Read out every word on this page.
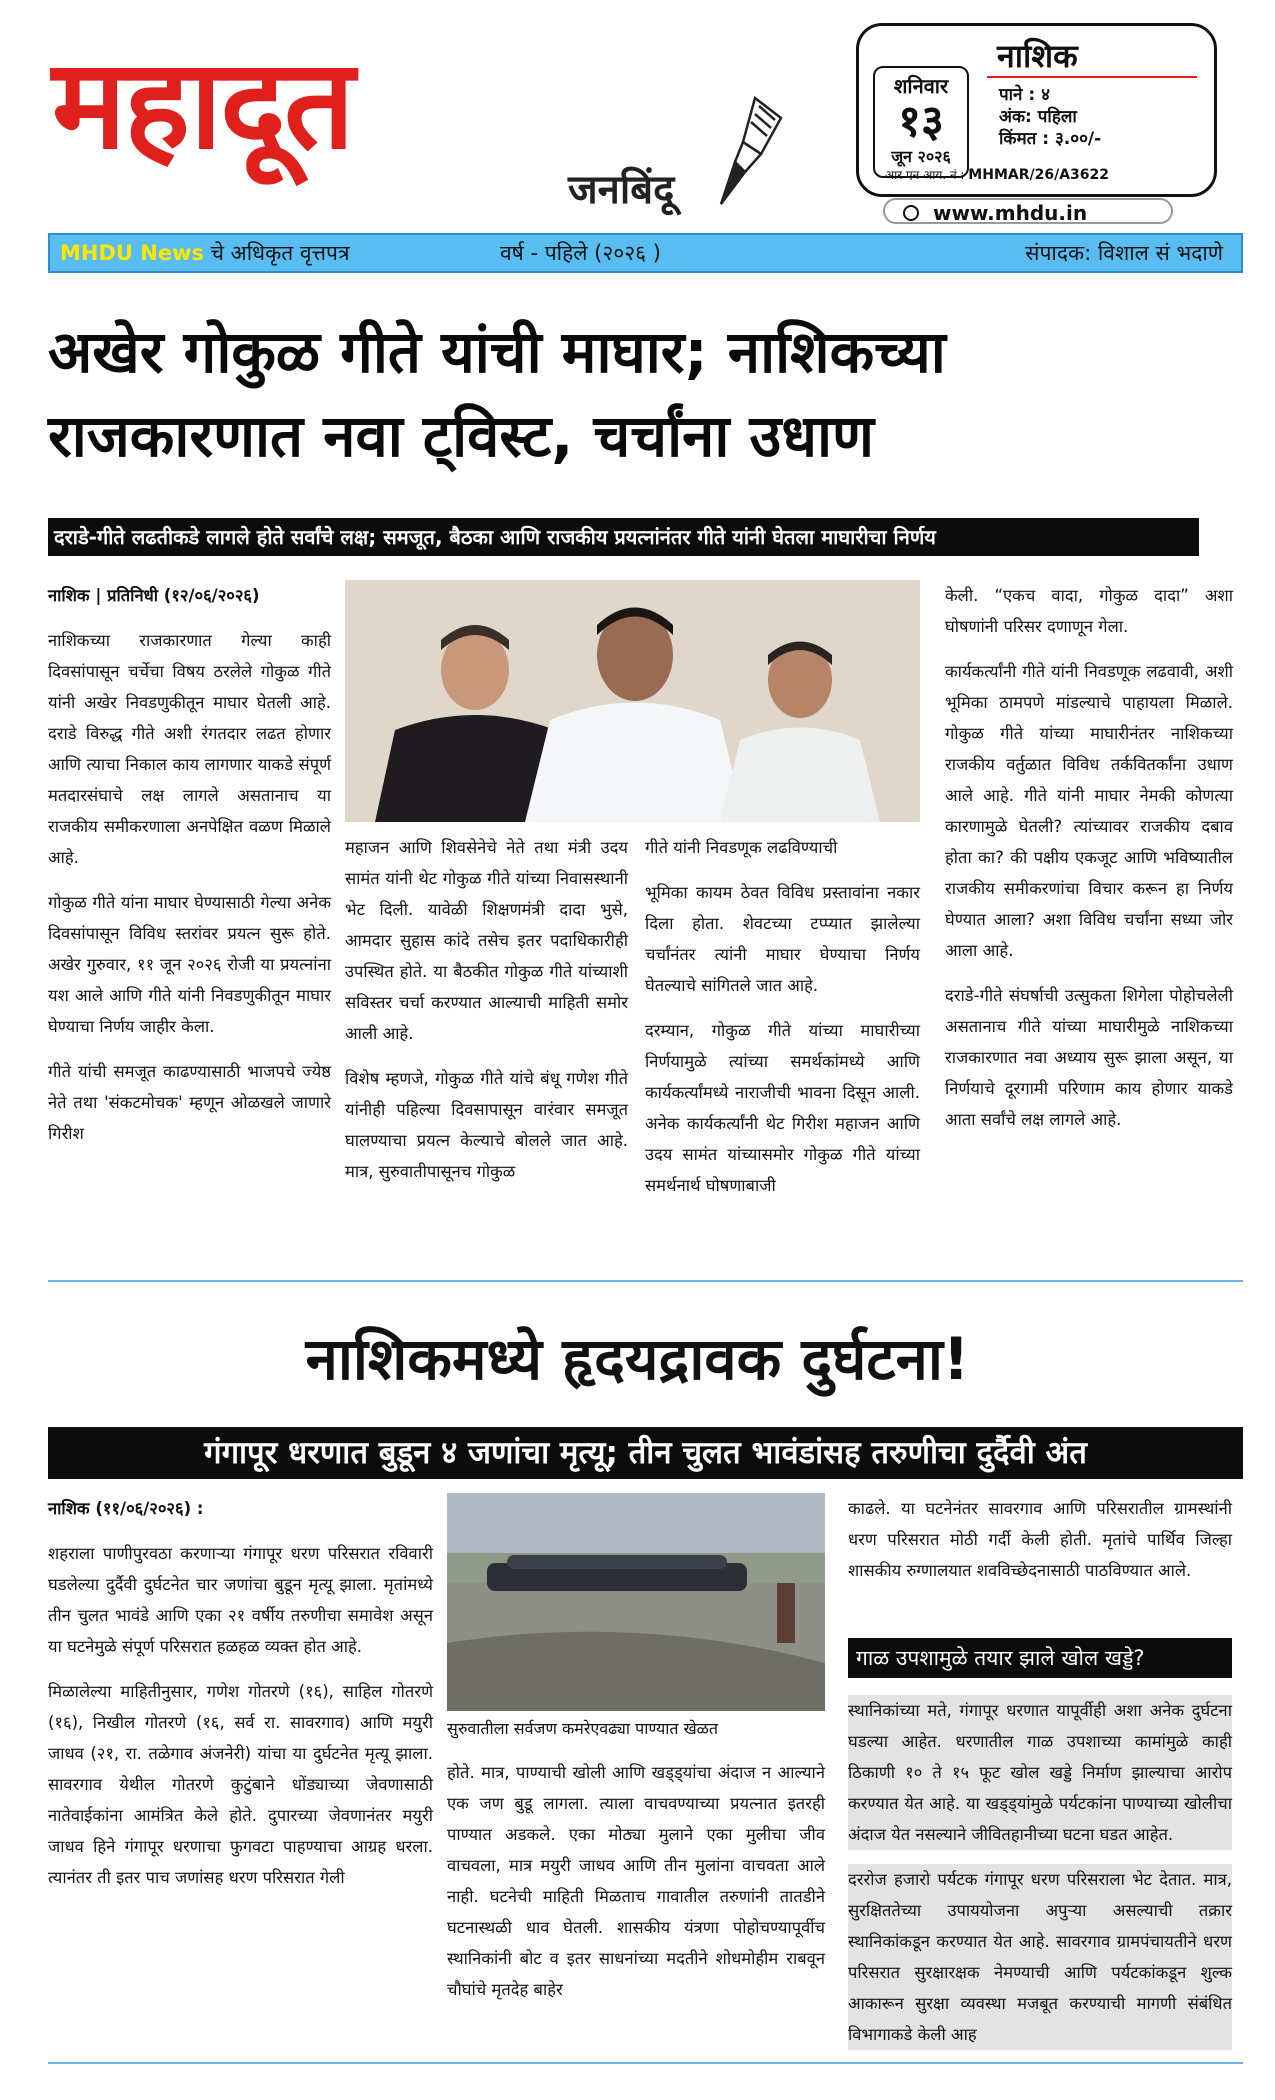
महादूत
जनबिंदू
शनिवार
१३
जून २०२६
नाशिक
पाने : ४
अंक: पहिला
किंमत : ३.००/-
आर एन आय. नं : MHMAR/26/A3622
www.mhdu.in
MHDU News चे अधिकृत वृत्तपत्र	वर्ष - पहिले (२०२६ )	संपादक: विशाल सं भदाणे
अखेर गोकुळ गीते यांची माघार; नाशिकच्या
राजकारणात नवा ट्विस्ट, चर्चांना उधाण
दराडे-गीते लढतीकडे लागले होते सर्वांचे लक्ष; समजूत, बैठका आणि राजकीय प्रयत्नांनंतर गीते यांनी घेतला माघारीचा निर्णय

नाशिक | प्रतिनिधी (१२/०६/२०२६)

नाशिकच्या राजकारणात गेल्या काही दिवसांपासून चर्चेचा विषय ठरलेले गोकुळ गीते यांनी अखेर निवडणुकीतून माघार घेतली आहे. दराडे विरुद्ध गीते अशी रंगतदार लढत होणार आणि त्याचा निकाल काय लागणार याकडे संपूर्ण मतदारसंघाचे लक्ष लागले असतानाच या राजकीय समीकरणाला अनपेक्षित वळण मिळाले आहे.

गोकुळ गीते यांना माघार घेण्यासाठी गेल्या अनेक दिवसांपासून विविध स्तरांवर प्रयत्न सुरू होते. अखेर गुरुवार, ११ जून २०२६ रोजी या प्रयत्नांना यश आले आणि गीते यांनी निवडणुकीतून माघार घेण्याचा निर्णय जाहीर केला.

गीते यांची समजूत काढण्यासाठी भाजपचे ज्येष्ठ नेते तथा 'संकटमोचक' म्हणून ओळखले जाणारे गिरीश

महाजन आणि शिवसेनेचे नेते तथा मंत्री उदय सामंत यांनी थेट गोकुळ गीते यांच्या निवासस्थानी भेट दिली. यावेळी शिक्षणमंत्री दादा भुसे, आमदार सुहास कांदे तसेच इतर पदाधिकारीही उपस्थित होते. या बैठकीत गोकुळ गीते यांच्याशी सविस्तर चर्चा करण्यात आल्याची माहिती समोर आली आहे.

विशेष म्हणजे, गोकुळ गीते यांचे बंधू गणेश गीते यांनीही पहिल्या दिवसापासून वारंवार समजूत घालण्याचा प्रयत्न केल्याचे बोलले जात आहे. मात्र, सुरुवातीपासूनच गोकुळ

गीते यांनी निवडणूक लढविण्याची

भूमिका कायम ठेवत विविध प्रस्तावांना नकार दिला होता. शेवटच्या टप्प्यात झालेल्या चर्चांनंतर त्यांनी माघार घेण्याचा निर्णय घेतल्याचे सांगितले जात आहे.

दरम्यान, गोकुळ गीते यांच्या माघारीच्या निर्णयामुळे त्यांच्या समर्थकांमध्ये आणि कार्यकर्त्यांमध्ये नाराजीची भावना दिसून आली. अनेक कार्यकर्त्यांनी थेट गिरीश महाजन आणि उदय सामंत यांच्यासमोर गोकुळ गीते यांच्या समर्थनार्थ घोषणाबाजी

केली. “एकच वादा, गोकुळ दादा” अशा घोषणांनी परिसर दणाणून गेला.

कार्यकर्त्यांनी गीते यांनी निवडणूक लढवावी, अशी भूमिका ठामपणे मांडल्याचे पाहायला मिळाले. गोकुळ गीते यांच्या माघारीनंतर नाशिकच्या राजकीय वर्तुळात विविध तर्कवितर्कांना उधाण आले आहे. गीते यांनी माघार नेमकी कोणत्या कारणामुळे घेतली? त्यांच्यावर राजकीय दबाव होता का? की पक्षीय एकजूट आणि भविष्यातील राजकीय समीकरणांचा विचार करून हा निर्णय घेण्यात आला? अशा विविध चर्चांना सध्या जोर आला आहे.

दराडे-गीते संघर्षाची उत्सुकता शिगेला पोहोचलेली असतानाच गीते यांच्या माघारीमुळे नाशिकच्या राजकारणात नवा अध्याय सुरू झाला असून, या निर्णयाचे दूरगामी परिणाम काय होणार याकडे आता सर्वांचे लक्ष लागले आहे.

नाशिकमध्ये हृदयद्रावक दुर्घटना!
गंगापूर धरणात बुडून ४ जणांचा मृत्यू; तीन चुलत भावंडांसह तरुणीचा दुर्दैवी अंत

नाशिक (११/०६/२०२६) :

शहराला पाणीपुरवठा करणाऱ्या गंगापूर धरण परिसरात रविवारी घडलेल्या दुर्दैवी दुर्घटनेत चार जणांचा बुडून मृत्यू झाला. मृतांमध्ये तीन चुलत भावंडे आणि एका २१ वर्षीय तरुणीचा समावेश असून या घटनेमुळे संपूर्ण परिसरात हळहळ व्यक्त होत आहे.

मिळालेल्या माहितीनुसार, गणेश गोतरणे (१६), साहिल गोतरणे (१६), निखील गोतरणे (१६, सर्व रा. सावरगाव) आणि मयुरी जाधव (२१, रा. तळेगाव अंजनेरी) यांचा या दुर्घटनेत मृत्यू झाला. सावरगाव येथील गोतरणे कुटुंबाने धोंड्याच्या जेवणासाठी नातेवाईकांना आमंत्रित केले होते. दुपारच्या जेवणानंतर मयुरी जाधव हिने गंगापूर धरणाचा फुगवटा पाहण्याचा आग्रह धरला. त्यानंतर ती इतर पाच जणांसह धरण परिसरात गेली

सुरुवातीला सर्वजण कमरेएवढ्या पाण्यात खेळत

होते. मात्र, पाण्याची खोली आणि खड्ड्यांचा अंदाज न आल्याने एक जण बुडू लागला. त्याला वाचवण्याच्या प्रयत्नात इतरही पाण्यात अडकले. एका मोठ्या मुलाने एका मुलीचा जीव वाचवला, मात्र मयुरी जाधव आणि तीन मुलांना वाचवता आले नाही. घटनेची माहिती मिळताच गावातील तरुणांनी तातडीने घटनास्थळी धाव घेतली. शासकीय यंत्रणा पोहोचण्यापूर्वीच स्थानिकांनी बोट व इतर साधनांच्या मदतीने शोधमोहीम राबवून चौघांचे मृतदेह बाहेर

काढले. या घटनेनंतर सावरगाव आणि परिसरातील ग्रामस्थांनी धरण परिसरात मोठी गर्दी केली होती. मृतांचे पार्थिव जिल्हा शासकीय रुग्णालयात शवविच्छेदनासाठी पाठविण्यात आले.

गाळ उपशामुळे तयार झाले खोल खड्डे?

स्थानिकांच्या मते, गंगापूर धरणात यापूर्वीही अशा अनेक दुर्घटना घडल्या आहेत. धरणातील गाळ उपशाच्या कामांमुळे काही ठिकाणी १० ते १५ फूट खोल खड्डे निर्माण झाल्याचा आरोप करण्यात येत आहे. या खड्ड्यांमुळे पर्यटकांना पाण्याच्या खोलीचा अंदाज येत नसल्याने जीवितहानीच्या घटना घडत आहेत.

दररोज हजारो पर्यटक गंगापूर धरण परिसराला भेट देतात. मात्र, सुरक्षिततेच्या उपाययोजना अपुऱ्या असल्याची तक्रार स्थानिकांकडून करण्यात येत आहे. सावरगाव ग्रामपंचायतीने धरण परिसरात सुरक्षारक्षक नेमण्याची आणि पर्यटकांकडून शुल्क आकारून सुरक्षा व्यवस्था मजबूत करण्याची मागणी संबंधित विभागाकडे केली आह
